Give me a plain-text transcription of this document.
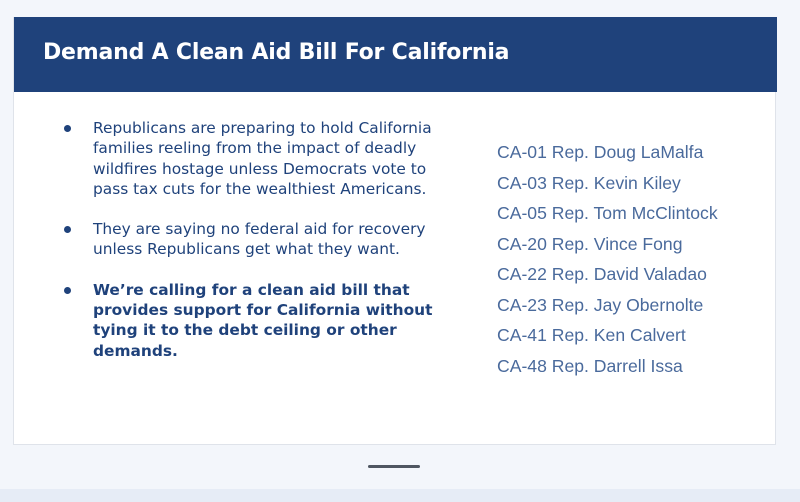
Demand A Clean Aid Bill For California
Republicans are preparing to hold California families reeling from the impact of deadly wildfires hostage unless Democrats vote to pass tax cuts for the wealthiest Americans.
They are saying no federal aid for recovery unless Republicans get what they want.
We’re calling for a clean aid bill that provides support for California without tying it to the debt ceiling or other demands.
CA-01 Rep. Doug LaMalfa
CA-03 Rep. Kevin Kiley
CA-05 Rep. Tom McClintock
CA-20 Rep. Vince Fong
CA-22 Rep. David Valadao
CA-23 Rep. Jay Obernolte
CA-41 Rep. Ken Calvert
CA-48 Rep. Darrell Issa
